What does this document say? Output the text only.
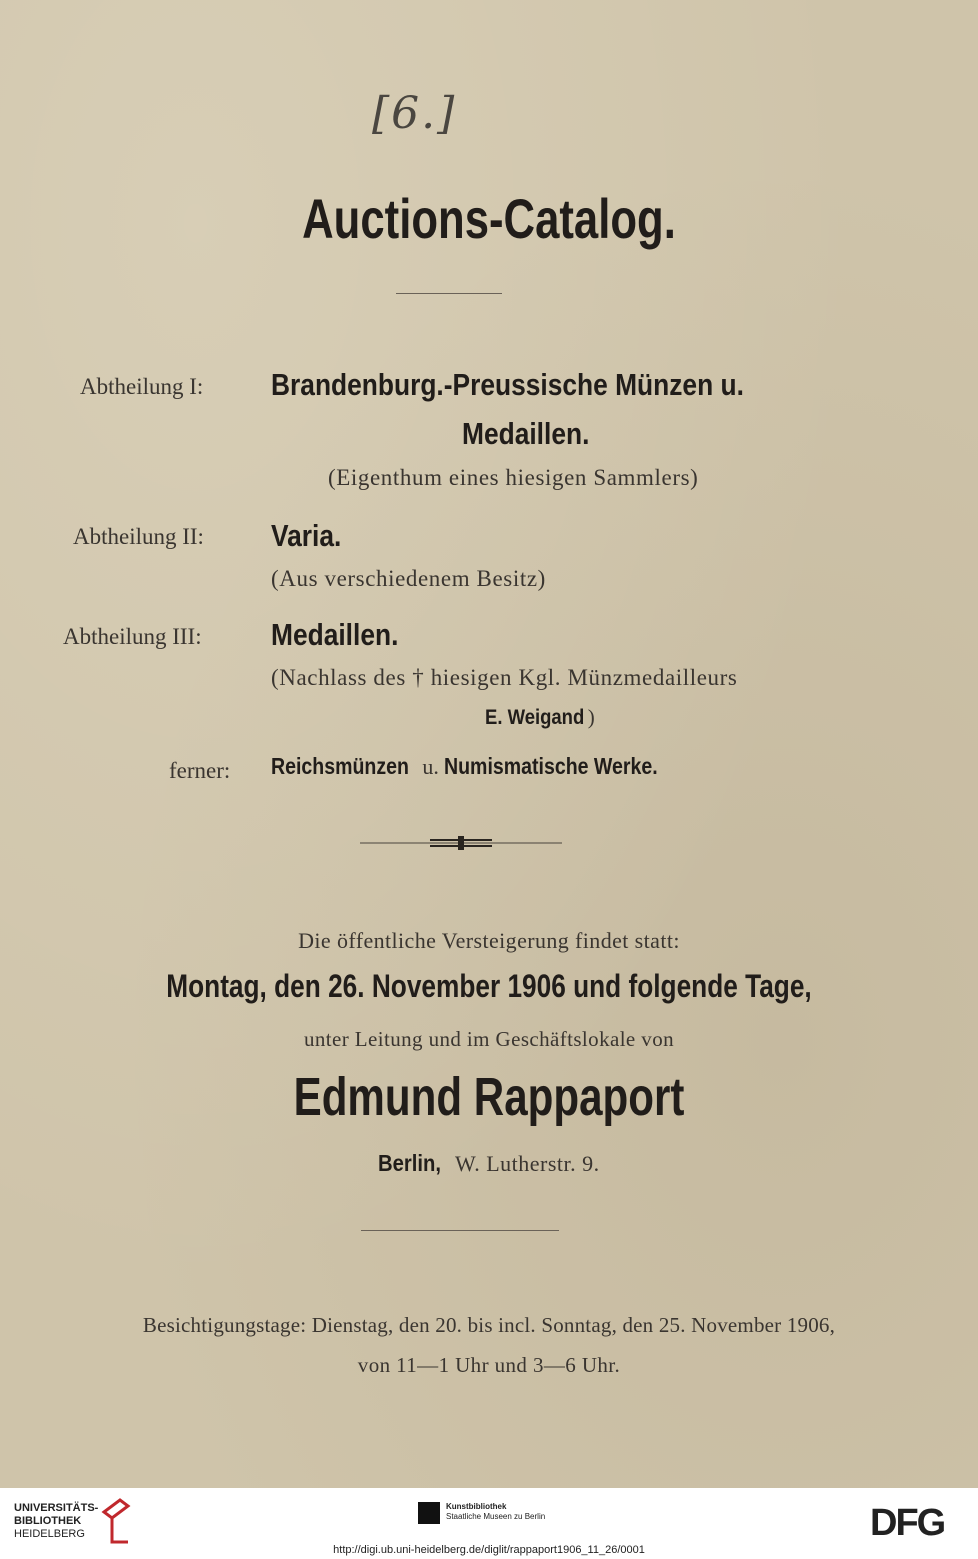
[6.]
Auctions-Catalog.
Abtheilung I: Brandenburg.-Preussische Münzen u.
Medaillen.
(Eigenthum eines hiesigen Sammlers)
Abtheilung II: Varia.
(Aus verschiedenem Besitz)
Abtheilung III: Medaillen.
(Nachlass des † hiesigen Kgl. Münzmedailleurs
E. Weigand )
ferner: Reichsmünzen u. Numismatische Werke.
Die öffentliche Versteigerung findet statt:
Montag, den 26. November 1906 und folgende Tage,
unter Leitung und im Geschäftslokale von
Edmund Rappaport
Berlin, W. Lutherstr. 9.
Besichtigungstage: Dienstag, den 20. bis incl. Sonntag, den 25. November 1906,
von 11—1 Uhr und 3—6 Uhr.
UNIVERSITÄTS-
BIBLIOTHEK
HEIDELBERG
Kunstbibliothek
Staatliche Museen zu Berlin	DFG
http://digi.ub.uni-heidelberg.de/diglit/rappaport1906_11_26/0001
